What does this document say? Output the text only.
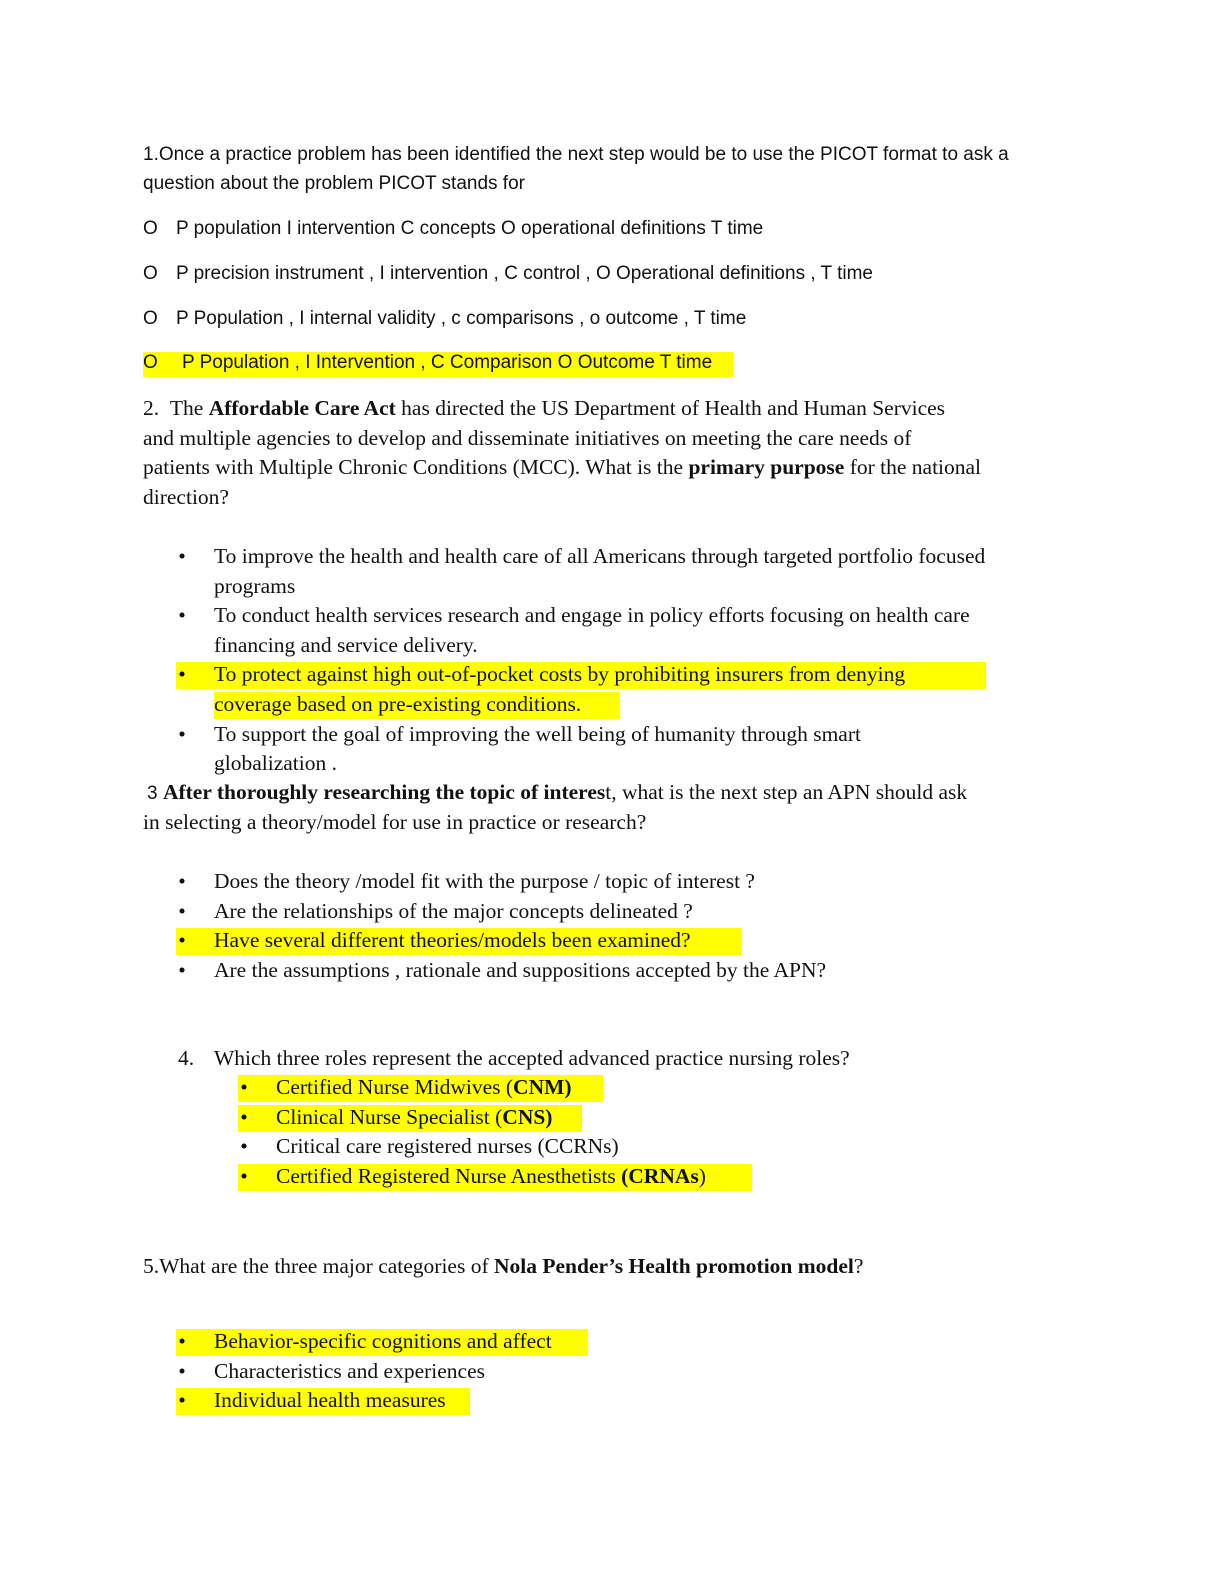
1.Once a practice problem has been identified the next step would be to use the PICOT format to ask a
question about the problem PICOT stands for
O P population I intervention C concepts O operational definitions T time
O P precision instrument , I intervention , C control , O Operational definitions , T time
O P Population , I internal validity , c comparisons , o outcome , T time
O P Population , I Intervention , C Comparison O Outcome T time
2. The Affordable Care Act has directed the US Department of Health and Human Services
and multiple agencies to develop and disseminate initiatives on meeting the care needs of
patients with Multiple Chronic Conditions (MCC). What is the primary purpose for the national
direction?
• To improve the health and health care of all Americans through targeted portfolio focused
programs
• To conduct health services research and engage in policy efforts focusing on health care
financing and service delivery.
• To protect against high out-of-pocket costs by prohibiting insurers from denying
coverage based on pre-existing conditions.
• To support the goal of improving the well being of humanity through smart
globalization .
3 After thoroughly researching the topic of interest, what is the next step an APN should ask
in selecting a theory/model for use in practice or research?
• Does the theory /model fit with the purpose / topic of interest ?
• Are the relationships of the major concepts delineated ?
• Have several different theories/models been examined?
• Are the assumptions , rationale and suppositions accepted by the APN?
4. Which three roles represent the accepted advanced practice nursing roles?
• Certified Nurse Midwives (CNM)
• Clinical Nurse Specialist (CNS)
• Critical care registered nurses (CCRNs)
• Certified Registered Nurse Anesthetists (CRNAs)
5.What are the three major categories of Nola Pender’s Health promotion model?
• Behavior-specific cognitions and affect
• Characteristics and experiences
• Individual health measures
